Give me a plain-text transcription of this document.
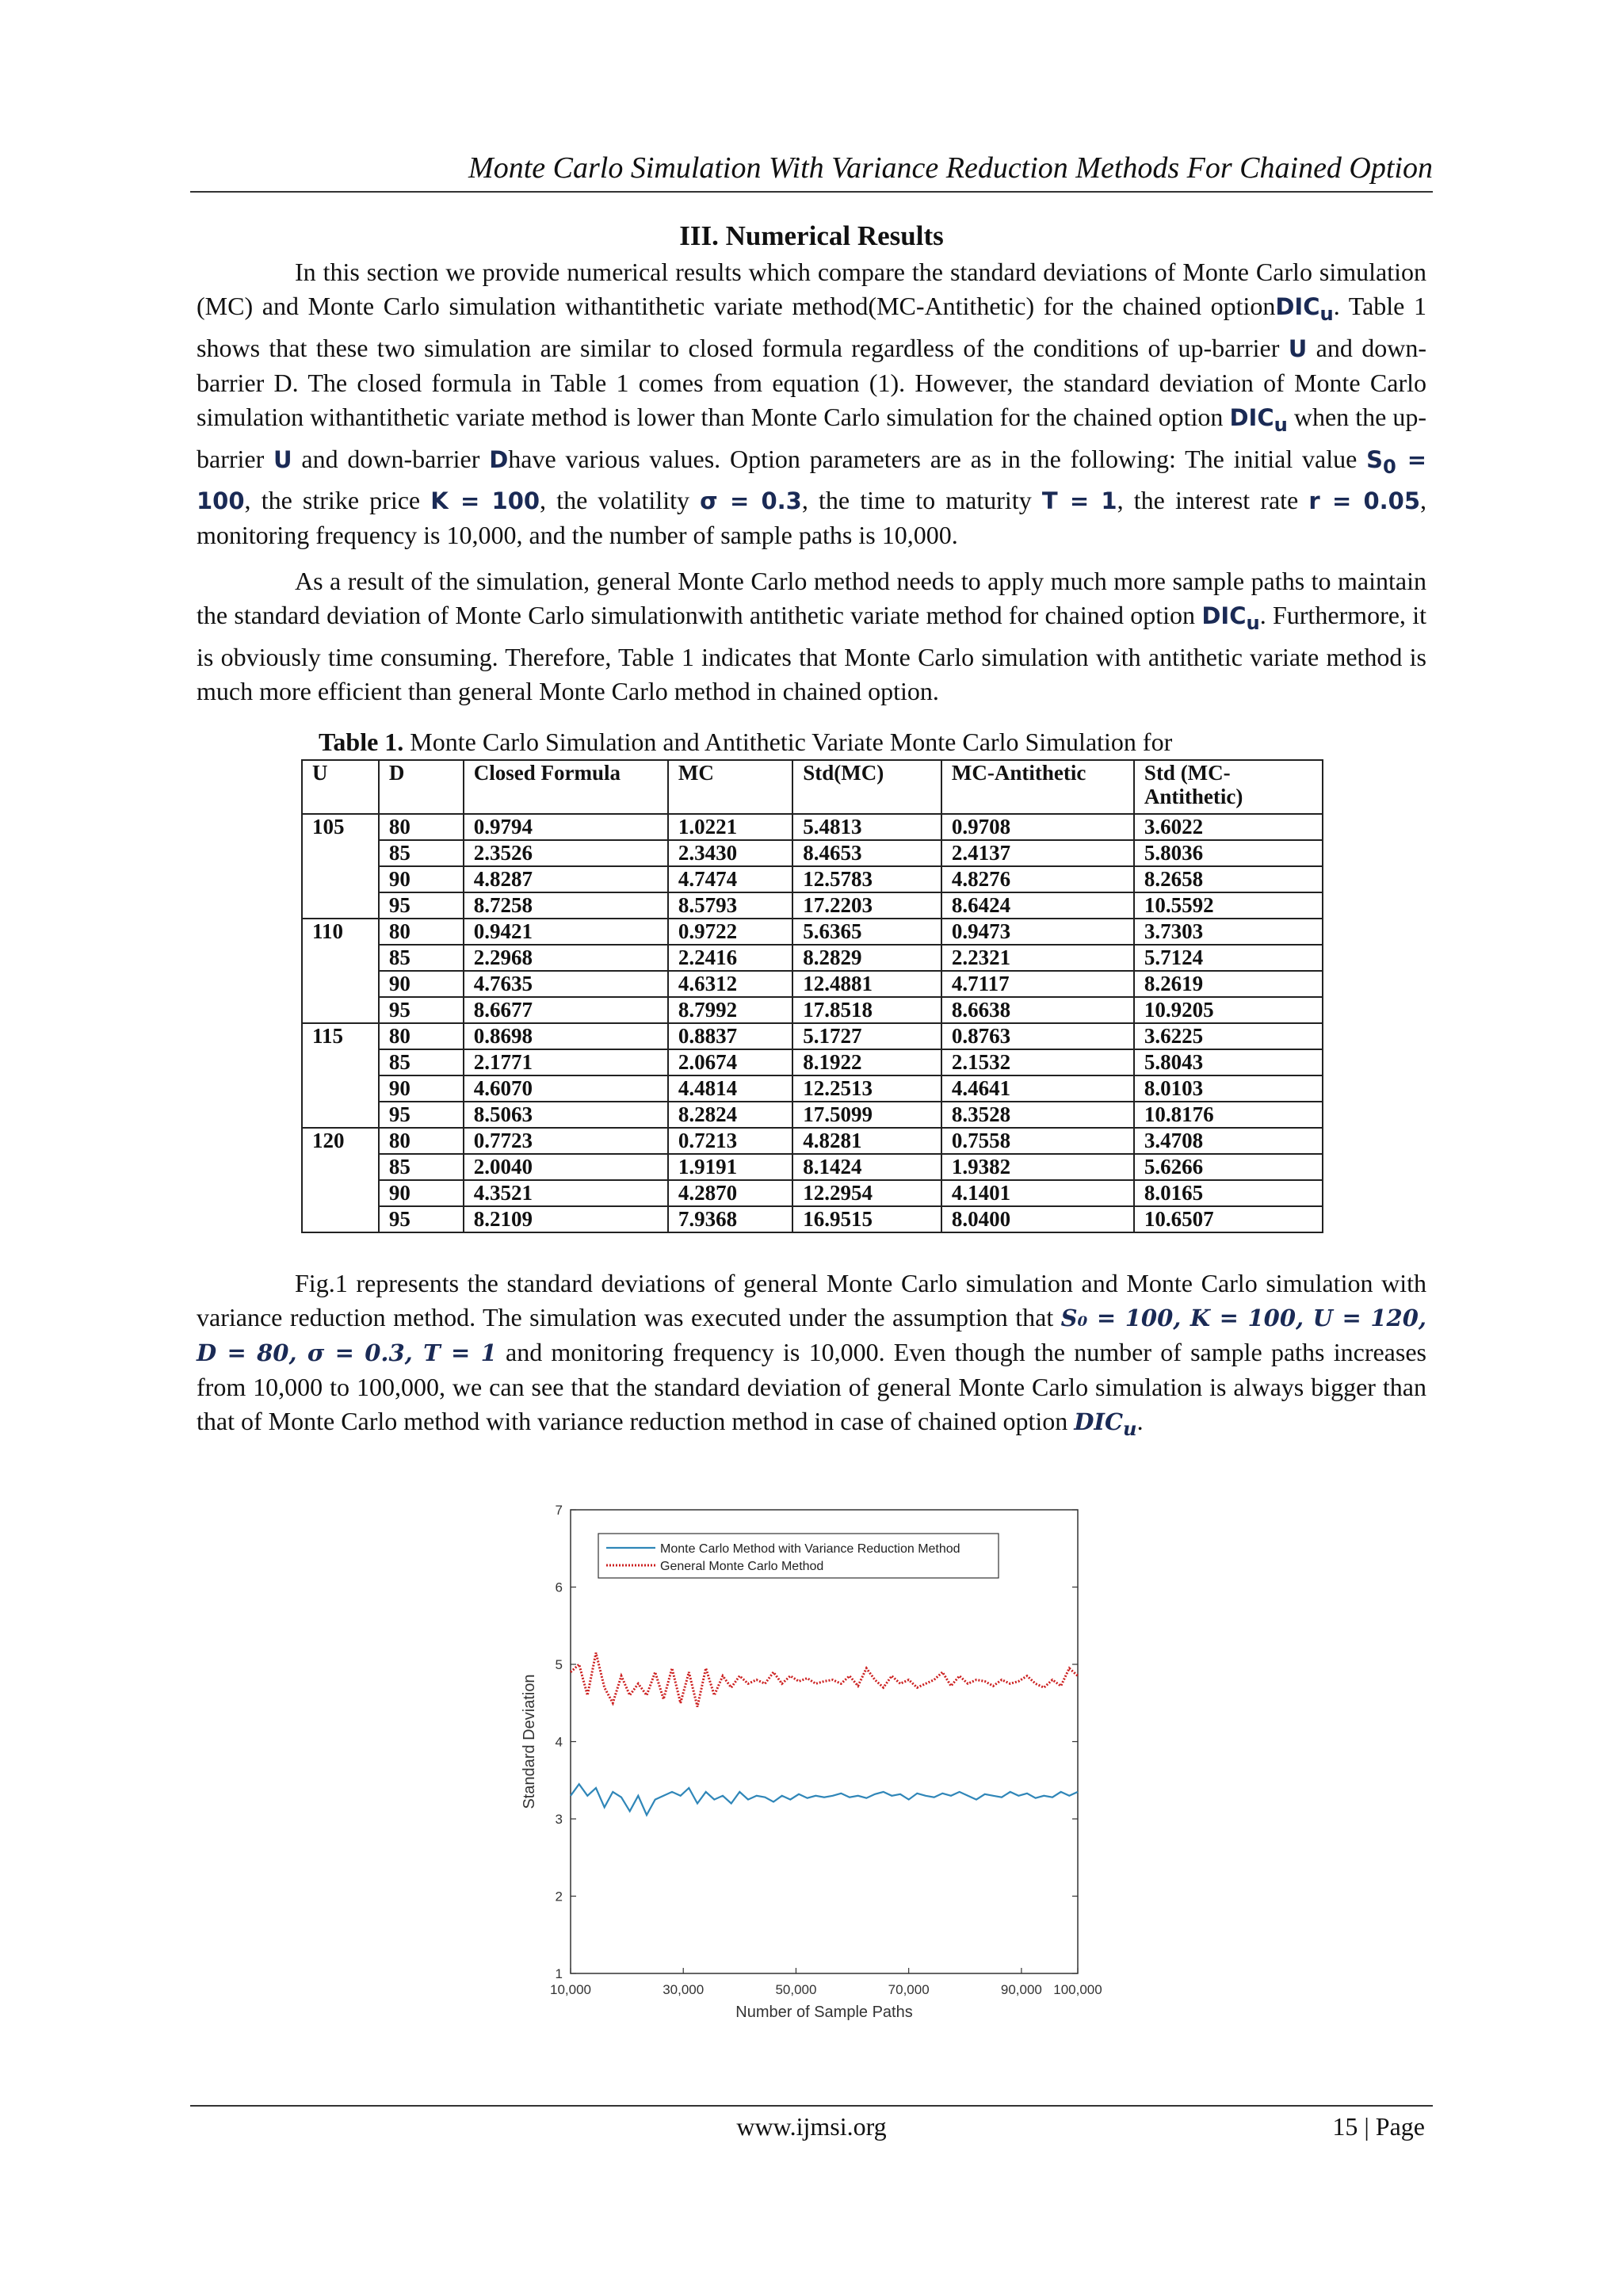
Monte Carlo Simulation With Variance Reduction Methods For Chained Option
III. Numerical Results

In this section we provide numerical results which compare the standard deviations of Monte Carlo simulation (MC) and Monte Carlo simulation withantithetic variate method(MC-Antithetic) for the chained optionDIC$_u$. Table 1 shows that these two simulation are similar to closed formula regardless of the conditions of up-barrier U and down-barrier D. The closed formula in Table 1 comes from equation (1). However, the standard deviation of Monte Carlo simulation withantithetic variate method is lower than Monte Carlo simulation for the chained option $DIC_u$ when the up-barrier U and down-barrier Dhave various values. Option parameters are as in the following: The initial value $S_0 = 100$, the strike price K = 100, the volatility σ = 0.3, the time to maturity T = 1, the interest rate r = 0.05, monitoring frequency is 10,000, and the number of sample paths is 10,000.

As a result of the simulation, general Monte Carlo method needs to apply much more sample paths to maintain the standard deviation of Monte Carlo simulationwith antithetic variate method for chained option $DIC_u$. Furthermore, it is obviously time consuming. Therefore, Table 1 indicates that Monte Carlo simulation with antithetic variate method is much more efficient than general Monte Carlo method in chained option.

Table 1. Monte Carlo Simulation and Antithetic Variate Monte Carlo Simulation for
U	D	Closed Formula	MC	Std(MC)	MC-Antithetic	Std (MC-Antithetic)
105	80	0.9794	1.0221	5.4813	0.9708	3.6022
	85	2.3526	2.3430	8.4653	2.4137	5.8036
	90	4.8287	4.7474	12.5783	4.8276	8.2658
	95	8.7258	8.5793	17.2203	8.6424	10.5592
110	80	0.9421	0.9722	5.6365	0.9473	3.7303
	85	2.2968	2.2416	8.2829	2.2321	5.7124
	90	4.7635	4.6312	12.4881	4.7117	8.2619
	95	8.6677	8.7992	17.8518	8.6638	10.9205
115	80	0.8698	0.8837	5.1727	0.8763	3.6225
	85	2.1771	2.0674	8.1922	2.1532	5.8043
	90	4.6070	4.4814	12.2513	4.4641	8.0103
	95	8.5063	8.2824	17.5099	8.3528	10.8176
120	80	0.7723	0.7213	4.8281	0.7558	3.4708
	85	2.0040	1.9191	8.1424	1.9382	5.6266
	90	4.3521	4.2870	12.2954	4.1401	8.0165
	95	8.2109	7.9368	16.9515	8.0400	10.6507

Fig.1 represents the standard deviations of general Monte Carlo simulation and Monte Carlo simulation with variance reduction method. The simulation was executed under the assumption that S₀ = 100, K = 100, U = 120, D = 80, σ = 0.3, T = 1 and monitoring frequency is 10,000. Even though the number of sample paths increases from 10,000 to 100,000, we can see that the standard deviation of general Monte Carlo simulation is always bigger than that of Monte Carlo method with variance reduction method in case of chained option $DIC_u$.

1
2
3
4
5
6
7
10,000	30,000	50,000	70,000	90,000 100,000
Number of Sample Paths
Standard Deviation
Monte Carlo Method with Variance Reduction Method
General Monte Carlo Method
www.ijmsi.org	15 | Page
